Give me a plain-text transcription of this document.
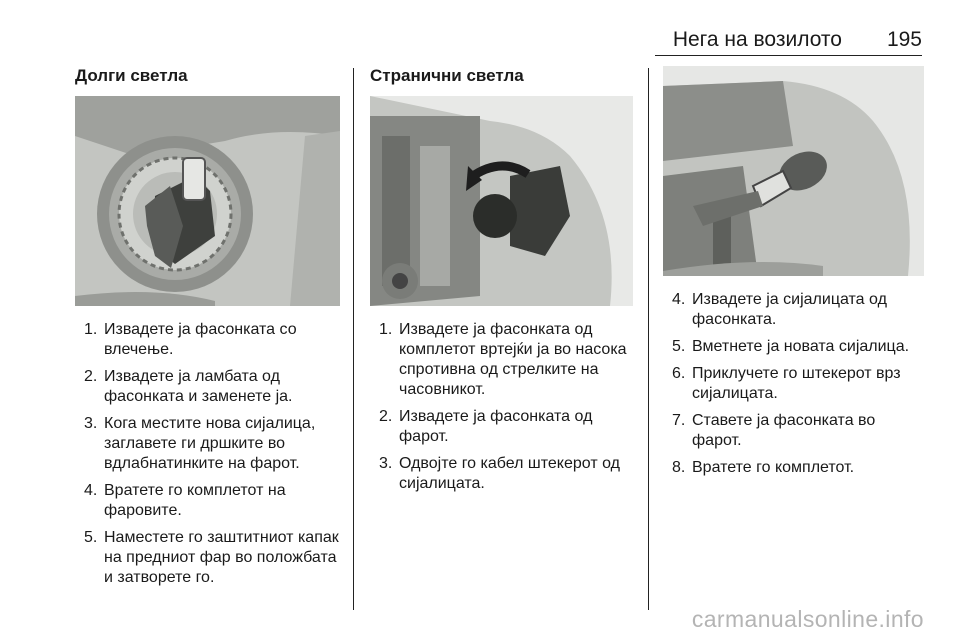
Нега на возилото 195
Долги светла
1. Извадете ја фасонката со влечење.
2. Извадете ја ламбата од фасонката и заменете ја.
3. Кога местите нова сијалица, заглавете ги дршките во вдлабнатинките на фарот.
4. Вратете го комплетот на фаровите.
5. Наместете го заштитниот капак на предниот фар во положбата и затворете го.
Странични светла
1. Извадете ја фасонката од комплетот вртејќи ја во насока спротивна од стрелките на часовникот.
2. Извадете ја фасонката од фарот.
3. Одвојте го кабел штекерот од сијалицата.
4. Извадете ја сијалицата од фасонката.
5. Вметнете ја новата сијалица.
6. Приклучете го штекерот врз сијалицата.
7. Ставете ја фасонката во фарот.
8. Вратете го комплетот.
carmanualsonline.info
